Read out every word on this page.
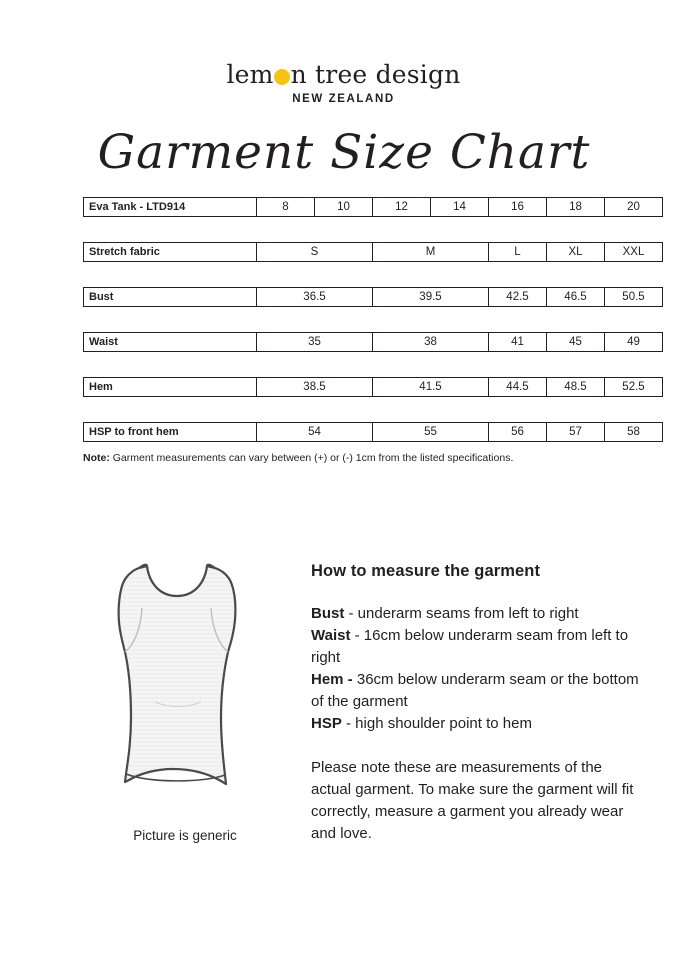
lem n tree design
NEW ZEALAND
Garment Size Chart
Eva Tank - LTD914	8	10	12	14	16	18	20

Stretch fabric	S		M		L	XL	XXL

Bust	36.5		39.5		42.5	46.5	50.5

Waist	35		38		41	45	49

Hem	38.5		41.5		44.5	48.5	52.5

HSP to front hem	54		55		56	57	58
Note: Garment measurements can vary between (+) or (-) 1cm from the listed specifications.
Picture is generic
How to measure the garment

Bust - underarm seams from left to right

Waist - 16cm below underarm seam from left to right

Hem - 36cm below underarm seam or the bottom of the garment

HSP - high shoulder point to hem

Please note these are measurements of the actual garment. To make sure the garment will fit correctly, measure a garment you already wear and love.
